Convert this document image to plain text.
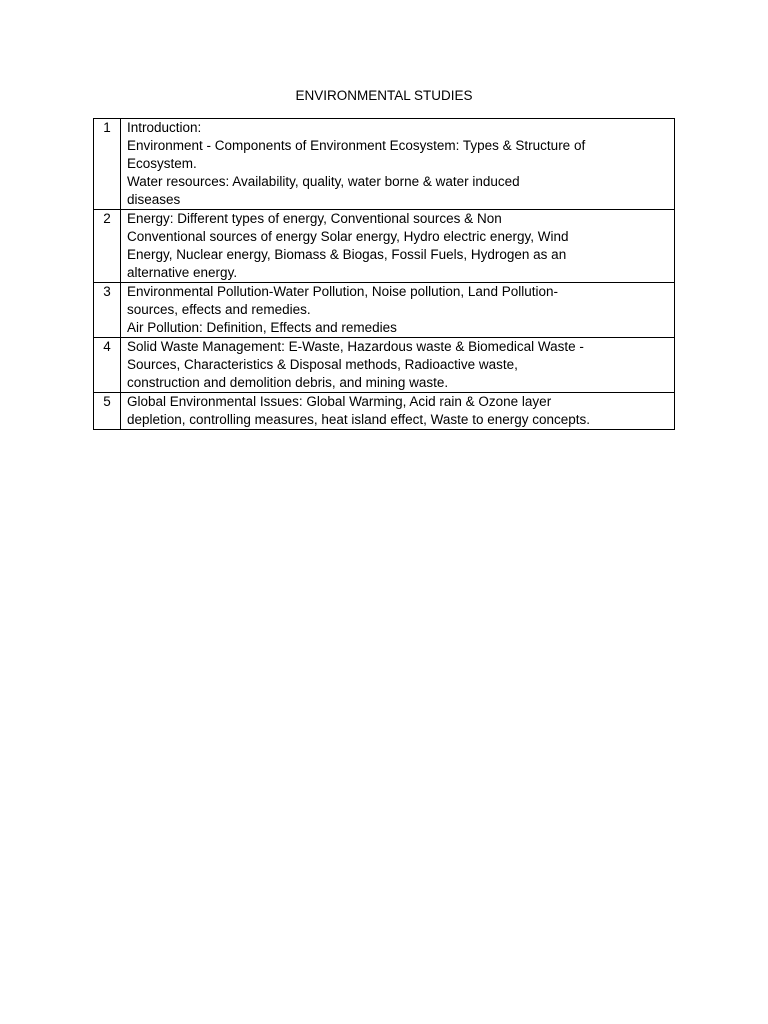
ENVIRONMENTAL STUDIES
1	Introduction:
Environment - Components of Environment Ecosystem: Types & Structure of
Ecosystem.
Water resources: Availability, quality, water borne & water induced
diseases

2	Energy: Different types of energy, Conventional sources & Non
Conventional sources of energy Solar energy, Hydro electric energy, Wind
Energy, Nuclear energy, Biomass & Biogas, Fossil Fuels, Hydrogen as an
alternative energy.

3	Environmental Pollution-Water Pollution, Noise pollution, Land Pollution-
sources, effects and remedies.
Air Pollution: Definition, Effects and remedies

4	Solid Waste Management: E-Waste, Hazardous waste & Biomedical Waste -
Sources, Characteristics & Disposal methods, Radioactive waste,
construction and demolition debris, and mining waste.

5	Global Environmental Issues: Global Warming, Acid rain & Ozone layer
depletion, controlling measures, heat island effect, Waste to energy concepts.
